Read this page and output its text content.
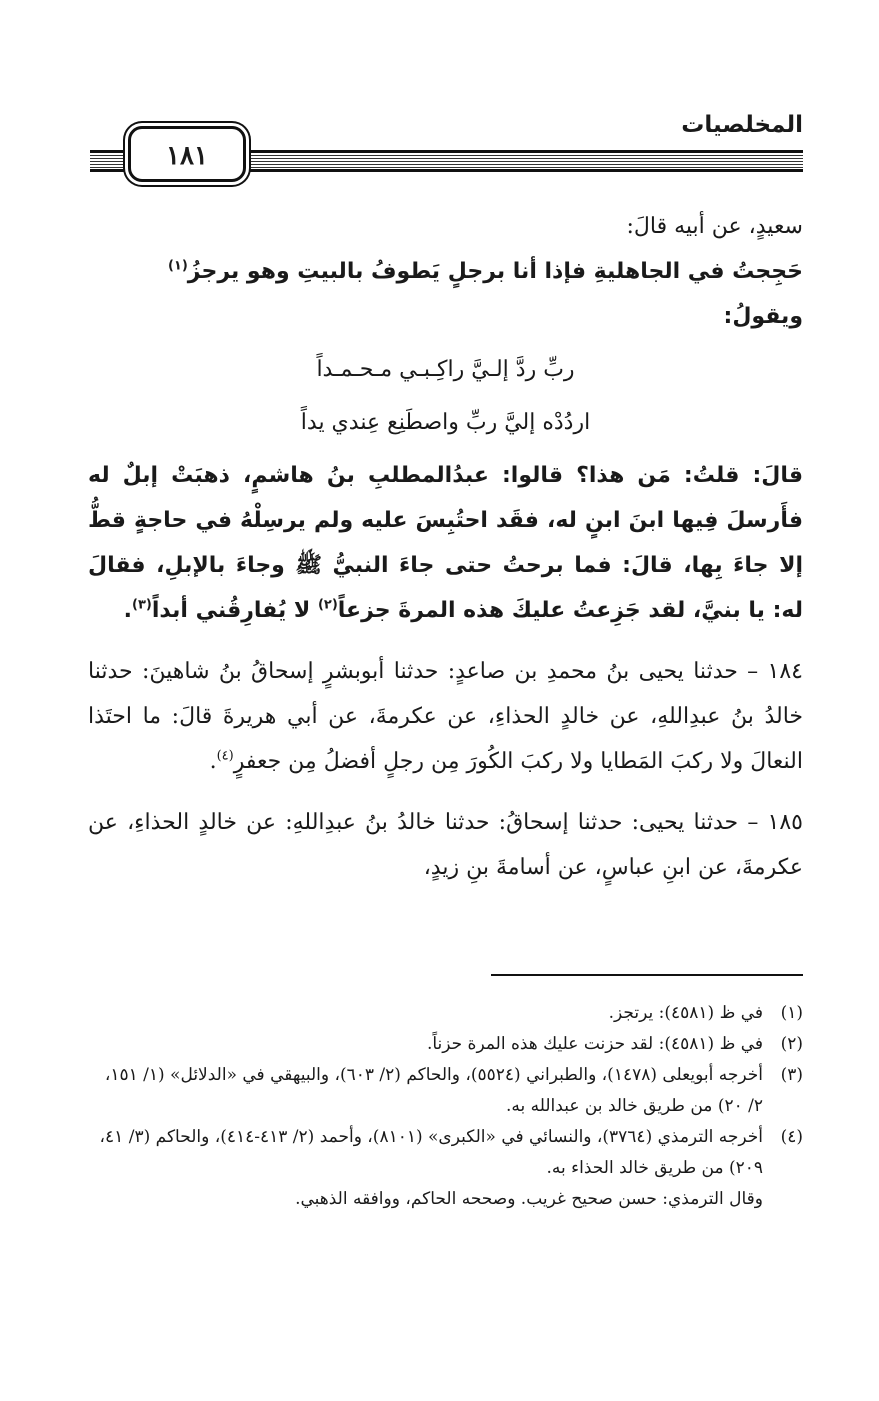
المخلصيات
١٨١

سعيدٍ، عن أبيه قالَ:

حَجِجتُ في الجاهليةِ فإذا أنا برجلٍ يَطوفُ بالبيتِ وهو يرجزُ$^{(١)}$ ويقولُ:

ربِّ ردَّ إلـيَّ راكِـبـي مـحـمـداً

اردُدْه إليَّ ربِّ واصطَنِع عِندي يداً

قالَ: قلتُ: مَن هذا؟ قالوا: عبدُالمطلبِ بنُ هاشمٍ، ذهبَتْ إبلٌ له فأَرسلَ فِيها ابنَ ابنٍ له، فقَد احتُبِسَ عليه ولم يرسِلْهُ في حاجةٍ قطُّ إلا جاءَ بِها، قالَ: فما برحتُ حتى جاءَ النبيُّ ﷺ وجاءَ بالإبلِ، فقالَ له: يا بنيَّ، لقد جَزِعتُ عليكَ هذه المرةَ جزعاً$^{(٢)}$ لا يُفارِقُني أبداً$^{(٣)}$.

١٨٤ – حدثنا يحيى بنُ محمدِ بن صاعدٍ: حدثنا أبوبشرٍ إسحاقُ بنُ شاهينَ: حدثنا خالدُ بنُ عبدِاللهِ، عن خالدٍ الحذاءِ، عن عكرمةَ، عن أبي هريرةَ قالَ: ما احتَذا النعالَ ولا ركبَ المَطايا ولا ركبَ الكُورَ مِن رجلٍ أفضلُ مِن جعفرٍ$^{(٤)}$.

١٨٥ – حدثنا يحيى: حدثنا إسحاقُ: حدثنا خالدُ بنُ عبدِاللهِ: عن خالدٍ الحذاءِ، عن عكرمةَ، عن ابنِ عباسٍ، عن أسامةَ بنِ زيدٍ،

(١)
في ظ (٤٥٨١): يرتجز.

(٢)
في ظ (٤٥٨١): لقد حزنت عليك هذه المرة حزناً.

(٣)
أخرجه أبويعلى (١٤٧٨)، والطبراني (٥٥٢٤)، والحاكم (٢/ ٦٠٣)، والبيهقي في «الدلائل» (١/ ١٥١، ٢/ ٢٠) من طريق خالد بن عبدالله به.

(٤)
أخرجه الترمذي (٣٧٦٤)، والنسائي في «الكبرى» (٨١٠١)، وأحمد (٢/ ٤١٣-٤١٤)، والحاكم (٣/ ٤١، ٢٠٩) من طريق خالد الحذاء به.

وقال الترمذي: حسن صحيح غريب. وصححه الحاكم، ووافقه الذهبي.
